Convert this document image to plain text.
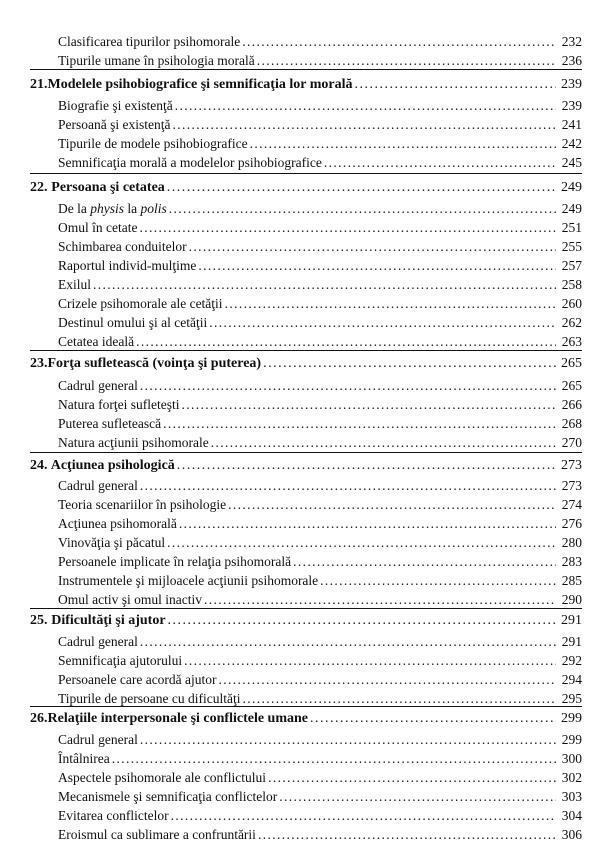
Clasificarea tipurilor psihomorale . . .	232
Tipurile umane în psihologia morală . . .	236
21. Modelele psihobiografice şi semnificaţia lor morală . . .	239
Biografie şi existenţă . . .	239
Persoană şi existenţă . . .	241
Tipurile de modele psihobiografice . . .	242
Semnificaţia morală a modelelor psihobiografice . . .	245
22. Persoana şi cetatea . . .	249
De la physis la polis . . .	249
Omul în cetate . . .	251
Schimbarea conduitelor . . .	255
Raportul individ-mulţime . . .	257
Exilul . . .	258
Crizele psihomorale ale cetăţii . . .	260
Destinul omului şi al cetăţii . . .	262
Cetatea ideală . . .	263
23. Forţa sufletească (voinţa şi puterea) . . .	265
Cadrul general . . .	265
Natura forţei sufleteşti . . .	266
Puterea sufletească . . .	268
Natura acţiunii psihomorale . . .	270
24. Acţiunea psihologică . . .	273
Cadrul general . . .	273
Teoria scenariilor în psihologie . . .	274
Acţiunea psihomorală . . .	276
Vinovăţia şi păcatul . . .	280
Persoanele implicate în relaţia psihomorală . . .	283
Instrumentele şi mijloacele acţiunii psihomorale . . .	285
Omul activ şi omul inactiv . . .	290
25. Dificultăţi şi ajutor . . .	291
Cadrul general . . .	291
Semnificaţia ajutorului . . .	292
Persoanele care acordă ajutor . . .	294
Tipurile de persoane cu dificultăţi . . .	295
26. Relaţiile interpersonale şi conflictele umane . . .	299
Cadrul general . . .	299
Întâlnirea . . .	300
Aspectele psihomorale ale conflictului . . .	302
Mecanismele şi semnificaţia conflictelor . . .	303
Evitarea conflictelor . . .	304
Eroismul ca sublimare a confruntării . . .	306
